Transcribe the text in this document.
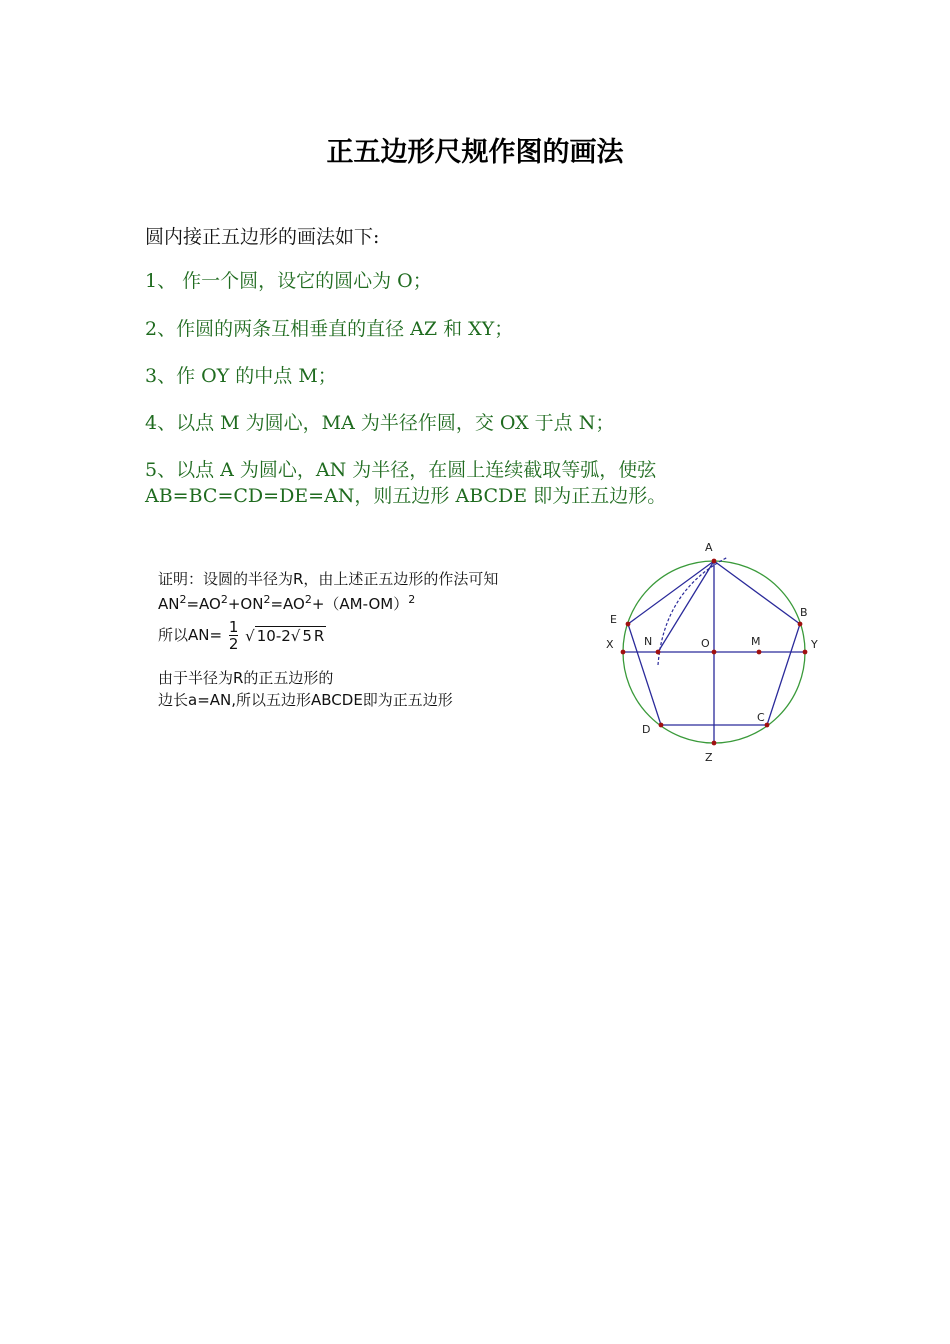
正五边形尺规作图的画法
圆内接正五边形的画法如下:
1、 作一个圆，设它的圆心为 O；
2、作圆的两条互相垂直的直径 AZ 和 XY；
3、作 OY 的中点 M；
4、以点 M 为圆心，MA 为半径作圆，交 OX 于点 N；
5、以点 A 为圆心，AN 为半径，在圆上连续截取等弧，使弦
AB=BC=CD=DE=AN，则五边形 ABCDE 即为正五边形。
证明：设圆的半径为R，由上述正五边形的作法可知
$AN^2=AO^2+ON^2=AO^2+(AM-OM)^2$
所以$AN= \frac{1}{2}$ √ 10-2√ 5 R
由于半径为R的正五边形的
边长a=AN,所以五边形ABCDE即为正五边形
A
B
C
D
E
X	Y
Z
O	M
N
